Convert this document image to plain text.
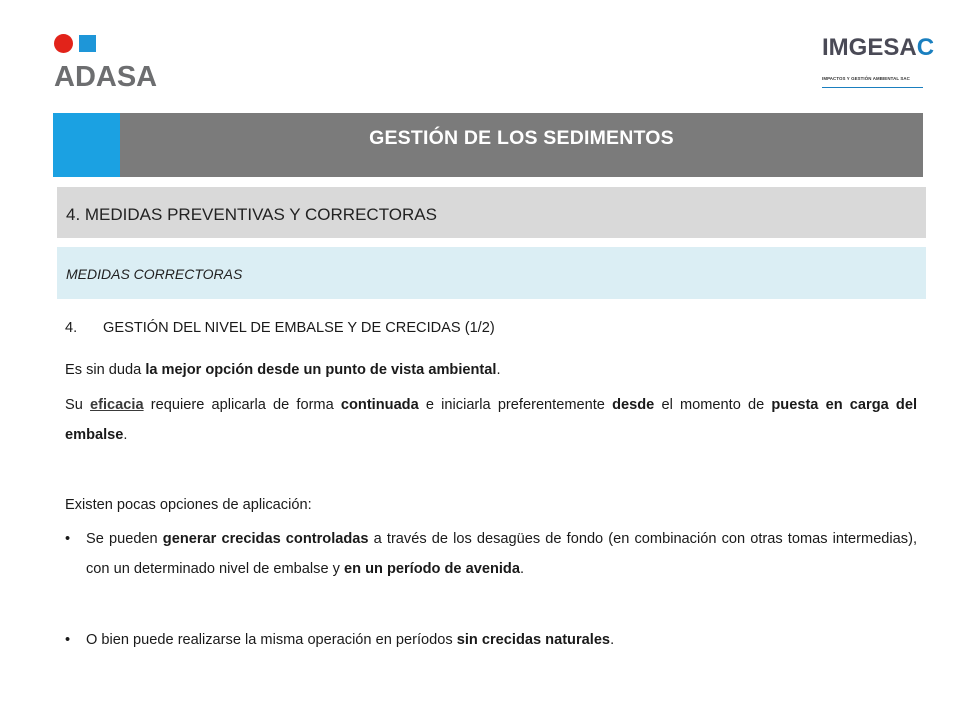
ADASA
IMGESAC
IMPACTOS Y GESTIÓN AMBIENTAL SAC
GESTIÓN DE LOS SEDIMENTOS
4. MEDIDAS PREVENTIVAS Y CORRECTORAS
MEDIDAS CORRECTORAS
4. GESTIÓN DEL NIVEL DE EMBALSE Y DE CRECIDAS (1/2)
Es sin duda la mejor opción desde un punto de vista ambiental.
Su eficacia requiere aplicarla de forma continuada e iniciarla preferentemente desde el momento de puesta en carga del embalse.
Existen pocas opciones de aplicación:
• Se pueden generar crecidas controladas a través de los desagües de fondo (en combinación con otras tomas intermedias), con un determinado nivel de embalse y en un período de avenida.
• O bien puede realizarse la misma operación en períodos sin crecidas naturales.
